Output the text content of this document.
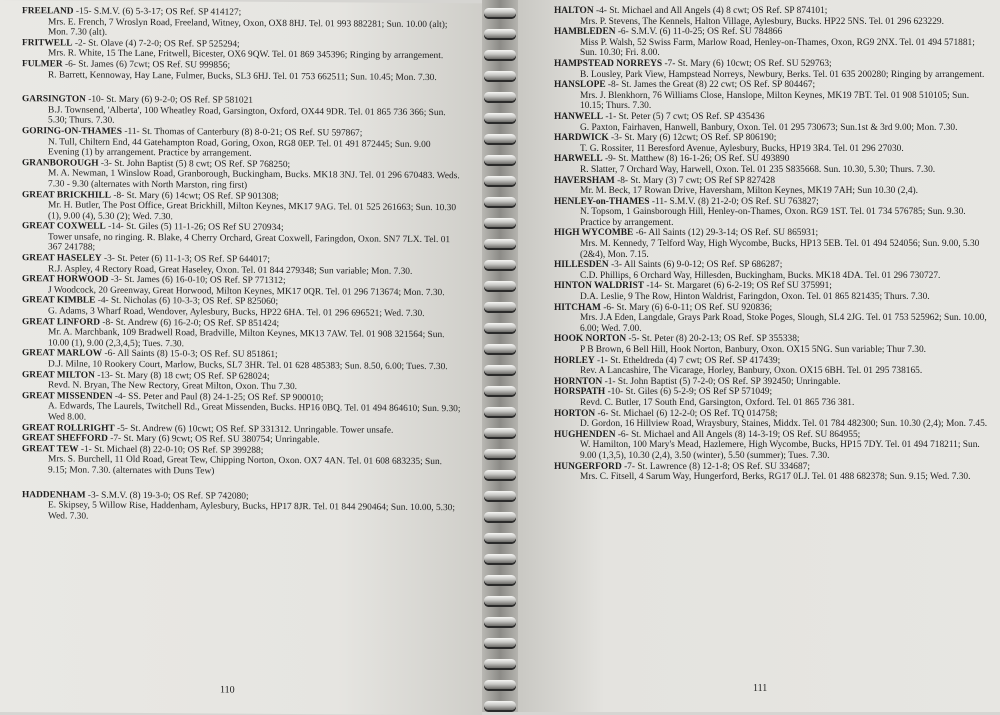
FREELAND -15- S.M.V. (6) 5-3-17; OS Ref. SP 414127;
Mrs. E. French, 7 Wroslyn Road, Freeland, Witney, Oxon, OX8 8HJ. Tel. 01 993 882281; Sun. 10.00 (alt); Mon. 7.30 (alt).
FRITWELL -2- St. Olave (4) 7-2-0; OS Ref. SP 525294;
Mrs. R. White, 15 The Lane, Fritwell, Bicester, OX6 9QW. Tel. 01 869 345396; Ringing by arrangement.
FULMER -6- St. James (6) 7cwt; OS Ref. SU 999856;
R. Barrett, Kennoway, Hay Lane, Fulmer, Bucks, SL3 6HJ. Tel. 01 753 662511; Sun. 10.45; Mon. 7.30.
GARSINGTON -10- St. Mary (6) 9-2-0; OS Ref. SP 581021
B.J. Townsend, 'Alberta', 100 Wheatley Road, Garsington, Oxford, OX44 9DR. Tel. 01 865 736 366; Sun. 5.30; Thurs. 7.30.
GORING-ON-THAMES -11- St. Thomas of Canterbury (8) 8-0-21; OS Ref. SU 597867;
N. Tull, Chiltern End, 44 Gatehampton Road, Goring, Oxon, RG8 0EP. Tel. 01 491 872445; Sun. 9.00 Evening (1) by arrangement. Practice by arrangement.
GRANBOROUGH -3- St. John Baptist (5) 8 cwt; OS Ref. SP 768250;
M. A. Newman, 1 Winslow Road, Granborough, Buckingham, Bucks. MK18 3NJ. Tel. 01 296 670483. Weds. 7.30 - 9.30 (alternates with North Marston, ring first)
GREAT BRICKHILL -8- St. Mary (6) 14cwt; OS Ref. SP 901308;
Mr. H. Butler, The Post Office, Great Brickhill, Milton Keynes, MK17 9AG. Tel. 01 525 261663; Sun. 10.30 (1), 9.00 (4), 5.30 (2); Wed. 7.30.
GREAT COXWELL -14- St. Giles (5) 11-1-26; OS Ref SU 270934;
Tower unsafe, no ringing. R. Blake, 4 Cherry Orchard, Great Coxwell, Faringdon, Oxon. SN7 7LX. Tel. 01 367 241788;
GREAT HASELEY -3- St. Peter (6) 11-1-3; OS Ref. SP 644017;
R.J. Aspley, 4 Rectory Road, Great Haseley, Oxon. Tel. 01 844 279348; Sun variable; Mon. 7.30.
GREAT HORWOOD -3- St. James (6) 16-0-10; OS Ref. SP 771312;
J Woodcock, 20 Greenway, Great Horwood, Milton Keynes, MK17 0QR. Tel. 01 296 713674; Mon. 7.30.
GREAT KIMBLE -4- St. Nicholas (6) 10-3-3; OS Ref. SP 825060;
G. Adams, 3 Wharf Road, Wendover, Aylesbury, Bucks, HP22 6HA. Tel. 01 296 696521; Wed. 7.30.
GREAT LINFORD -8- St. Andrew (6) 16-2-0; OS Ref. SP 851424;
Mr. A. Marchbank, 109 Bradwell Road, Bradville, Milton Keynes, MK13 7AW. Tel. 01 908 321564; Sun. 10.00 (1), 9.00 (2,3,4,5); Tues. 7.30.
GREAT MARLOW -6- All Saints (8) 15-0-3; OS Ref. SU 851861;
D.J. Milne, 10 Rookery Court, Marlow, Bucks, SL7 3HR. Tel. 01 628 485383; Sun. 8.50, 6.00; Tues. 7.30.
GREAT MILTON -13- St. Mary (8) 18 cwt; OS Ref. SP 628024;
Revd. N. Bryan, The New Rectory, Great Milton, Oxon. Thu 7.30.
GREAT MISSENDEN -4- SS. Peter and Paul (8) 24-1-25; OS Ref. SP 900010;
A. Edwards, The Laurels, Twitchell Rd., Great Missenden, Bucks. HP16 0BQ. Tel. 01 494 864610; Sun. 9.30; Wed 8.00.
GREAT ROLLRIGHT -5- St. Andrew (6) 10cwt; OS Ref. SP 331312. Unringable. Tower unsafe.
GREAT SHEFFORD -7- St. Mary (6) 9cwt; OS Ref. SU 380754; Unringable.
GREAT TEW -1- St. Michael (8) 22-0-10; OS Ref. SP 399288;
Mrs. S. Burchell, 11 Old Road, Great Tew, Chipping Norton, Oxon. OX7 4AN. Tel. 01 608 683235; Sun. 9.15; Mon. 7.30. (alternates with Duns Tew)
HADDENHAM -3- S.M.V. (8) 19-3-0; OS Ref. SP 742080;
E. Skipsey, 5 Willow Rise, Haddenham, Aylesbury, Bucks, HP17 8JR. Tel. 01 844 290464; Sun. 10.00, 5.30; Wed. 7.30.
110
HALTON -4- St. Michael and All Angels (4) 8 cwt; OS Ref. SP 874101;
Mrs. P. Stevens, The Kennels, Halton Village, Aylesbury, Bucks. HP22 5NS. Tel. 01 296 623229.
HAMBLEDEN -6- S.M.V. (6) 11-0-25; OS Ref. SU 784866
Miss P. Walsh, 52 Swiss Farm, Marlow Road, Henley-on-Thames, Oxon, RG9 2NX. Tel. 01 494 571881; Sun. 10.30; Fri. 8.00.
HAMPSTEAD NORREYS -7- St. Mary (6) 10cwt; OS Ref. SU 529763;
B. Lousley, Park View, Hampstead Norreys, Newbury, Berks. Tel. 01 635 200280; Ringing by arrangement.
HANSLOPE -8- St. James the Great (8) 22 cwt; OS Ref. SP 804467;
Mrs. J. Blenkhorn, 76 Williams Close, Hanslope, Milton Keynes, MK19 7BT. Tel. 01 908 510105; Sun. 10.15; Thurs. 7.30.
HANWELL -1- St. Peter (5) 7 cwt; OS Ref. SP 435436
G. Paxton, Fairhaven, Hanwell, Banbury, Oxon. Tel. 01 295 730673; Sun.1st & 3rd 9.00; Mon. 7.30.
HARDWICK -3- St. Mary (6) 12cwt; OS Ref. SP 806190;
T. G. Rossiter, 11 Beresford Avenue, Aylesbury, Bucks, HP19 3R4. Tel. 01 296 27030.
HARWELL -9- St. Matthew (8) 16-1-26; OS Ref. SU 493890
R. Slatter, 7 Orchard Way, Harwell, Oxon. Tel. 01 235 S835668. Sun. 10.30, 5.30; Thurs. 7.30.
HAVERSHAM -8- St. Mary (3) 7 cwt; OS Ref SP 827428
Mr. M. Beck, 17 Rowan Drive, Haversham, Milton Keynes, MK19 7AH; Sun 10.30 (2,4).
HENLEY-on-THAMES -11- S.M.V. (8) 21-2-0; OS Ref. SU 763827;
N. Topsom, 1 Gainsborough Hill, Henley-on-Thames, Oxon. RG9 1ST. Tel. 01 734 576785; Sun. 9.30. Practice by arrangement.
HIGH WYCOMBE -6- All Saints (12) 29-3-14; OS Ref. SU 865931;
Mrs. M. Kennedy, 7 Telford Way, High Wycombe, Bucks, HP13 5EB. Tel. 01 494 524056; Sun. 9.00, 5.30 (2&4), Mon. 7.15.
HILLESDEN -3- All Saints (6) 9-0-12; OS Ref. SP 686287;
C.D. Phillips, 6 Orchard Way, Hillesden, Buckingham, Bucks. MK18 4DA. Tel. 01 296 730727.
HINTON WALDRIST -14- St. Margaret (6) 6-2-19; OS Ref SU 375991;
D.A. Leslie, 9 The Row, Hinton Waldrist, Faringdon, Oxon. Tel. 01 865 821435; Thurs. 7.30.
HITCHAM -6- St. Mary (6) 6-0-11; OS Ref. SU 920836;
Mrs. J.A Eden, Langdale, Grays Park Road, Stoke Poges, Slough, SL4 2JG. Tel. 01 753 525962; Sun. 10.00, 6.00; Wed. 7.00.
HOOK NORTON -5- St. Peter (8) 20-2-13; OS Ref. SP 355338;
P B Brown, 6 Bell Hill, Hook Norton, Banbury, Oxon. OX15 5NG. Sun variable; Thur 7.30.
HORLEY -1- St. Etheldreda (4) 7 cwt; OS Ref. SP 417439;
Rev. A Lancashire, The Vicarage, Horley, Banbury, Oxon. OX15 6BH. Tel. 01 295 738165.
HORNTON -1- St. John Baptist (5) 7-2-0; OS Ref. SP 392450; Unringable.
HORSPATH -10- St. Giles (6) 5-2-9; OS Ref SP 571049;
Revd. C. Butler, 17 South End, Garsington, Oxford. Tel. 01 865 736 381.
HORTON -6- St. Michael (6) 12-2-0; OS Ref. TQ 014758;
D. Gordon, 16 Hillview Road, Wraysbury, Staines, Middx. Tel. 01 784 482300; Sun. 10.30 (2,4); Mon. 7.45.
HUGHENDEN -6- St. Michael and All Angels (8) 14-3-19; OS Ref. SU 864955;
W. Hamilton, 100 Mary's Mead, Hazlemere, High Wycombe, Bucks, HP15 7DY. Tel. 01 494 718211; Sun. 9.00 (1,3,5), 10.30 (2,4), 3.50 (winter), 5.50 (summer); Tues. 7.30.
HUNGERFORD -7- St. Lawrence (8) 12-1-8; OS Ref. SU 334687;
Mrs. C. Fitsell, 4 Sarum Way, Hungerford, Berks, RG17 0LJ. Tel. 01 488 682378; Sun. 9.15; Wed. 7.30.
111
